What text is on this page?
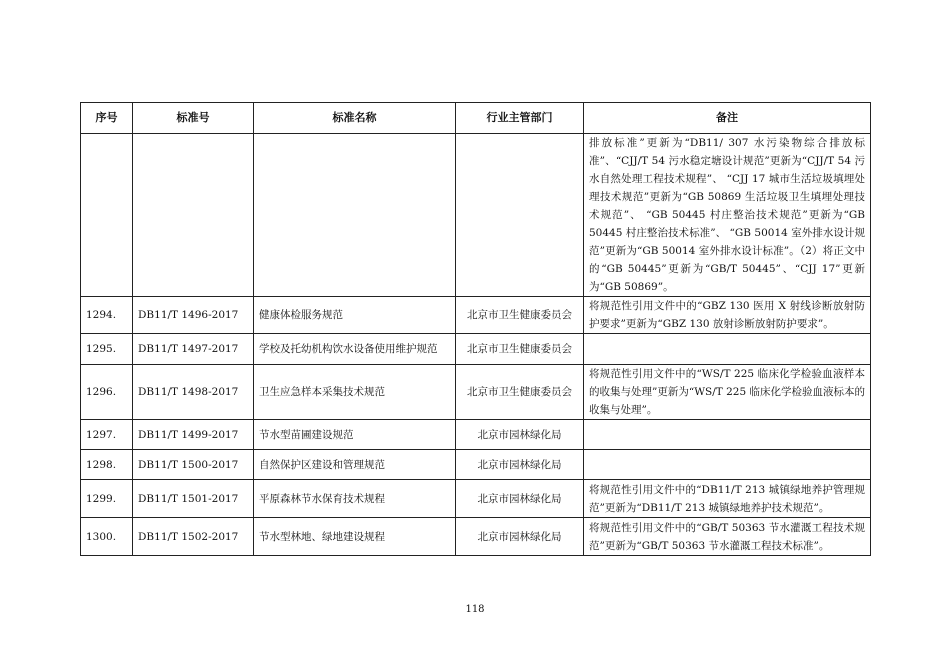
序号	标准号	标准名称	行业主管部门	备注
				排放标准”更新为“DB11/ 307 水污染物综合排放标准”、“CJJ/T 54 污水稳定塘设计规范”更新为“CJJ/T 54 污水自然处理工程技术规程”、 “CJJ 17 城市生活垃圾填埋处理技术规范”更新为“GB 50869 生活垃圾卫生填埋处理技术规范”、 “GB 50445 村庄整治技术规范”更新为“GB 50445 村庄整治技术标准”、 “GB 50014 室外排水设计规范”更新为“GB 50014 室外排水设计标准”。（2）将正文中的“GB 50445”更新为“GB/T 50445”、“CJJ 17”更新为“GB 50869”。
1294.	DB11/T 1496-2017	健康体检服务规范	北京市卫生健康委员会	将规范性引用文件中的“GBZ 130 医用 X 射线诊断放射防护要求”更新为“GBZ 130 放射诊断放射防护要求”。
1295.	DB11/T 1497-2017	学校及托幼机构饮水设备使用维护规范	北京市卫生健康委员会	
1296.	DB11/T 1498-2017	卫生应急样本采集技术规范	北京市卫生健康委员会	将规范性引用文件中的“WS/T 225 临床化学检验血液样本的收集与处理”更新为“WS/T 225 临床化学检验血液标本的收集与处理”。
1297.	DB11/T 1499-2017	节水型苗圃建设规范	北京市园林绿化局	
1298.	DB11/T 1500-2017	自然保护区建设和管理规范	北京市园林绿化局	
1299.	DB11/T 1501-2017	平原森林节水保育技术规程	北京市园林绿化局	将规范性引用文件中的“DB11/T 213 城镇绿地养护管理规范”更新为“DB11/T 213 城镇绿地养护技术规范”。
1300.	DB11/T 1502-2017	节水型林地、绿地建设规程	北京市园林绿化局	将规范性引用文件中的“GB/T 50363 节水灌溉工程技术规范”更新为“GB/T 50363 节水灌溉工程技术标准”。
118
